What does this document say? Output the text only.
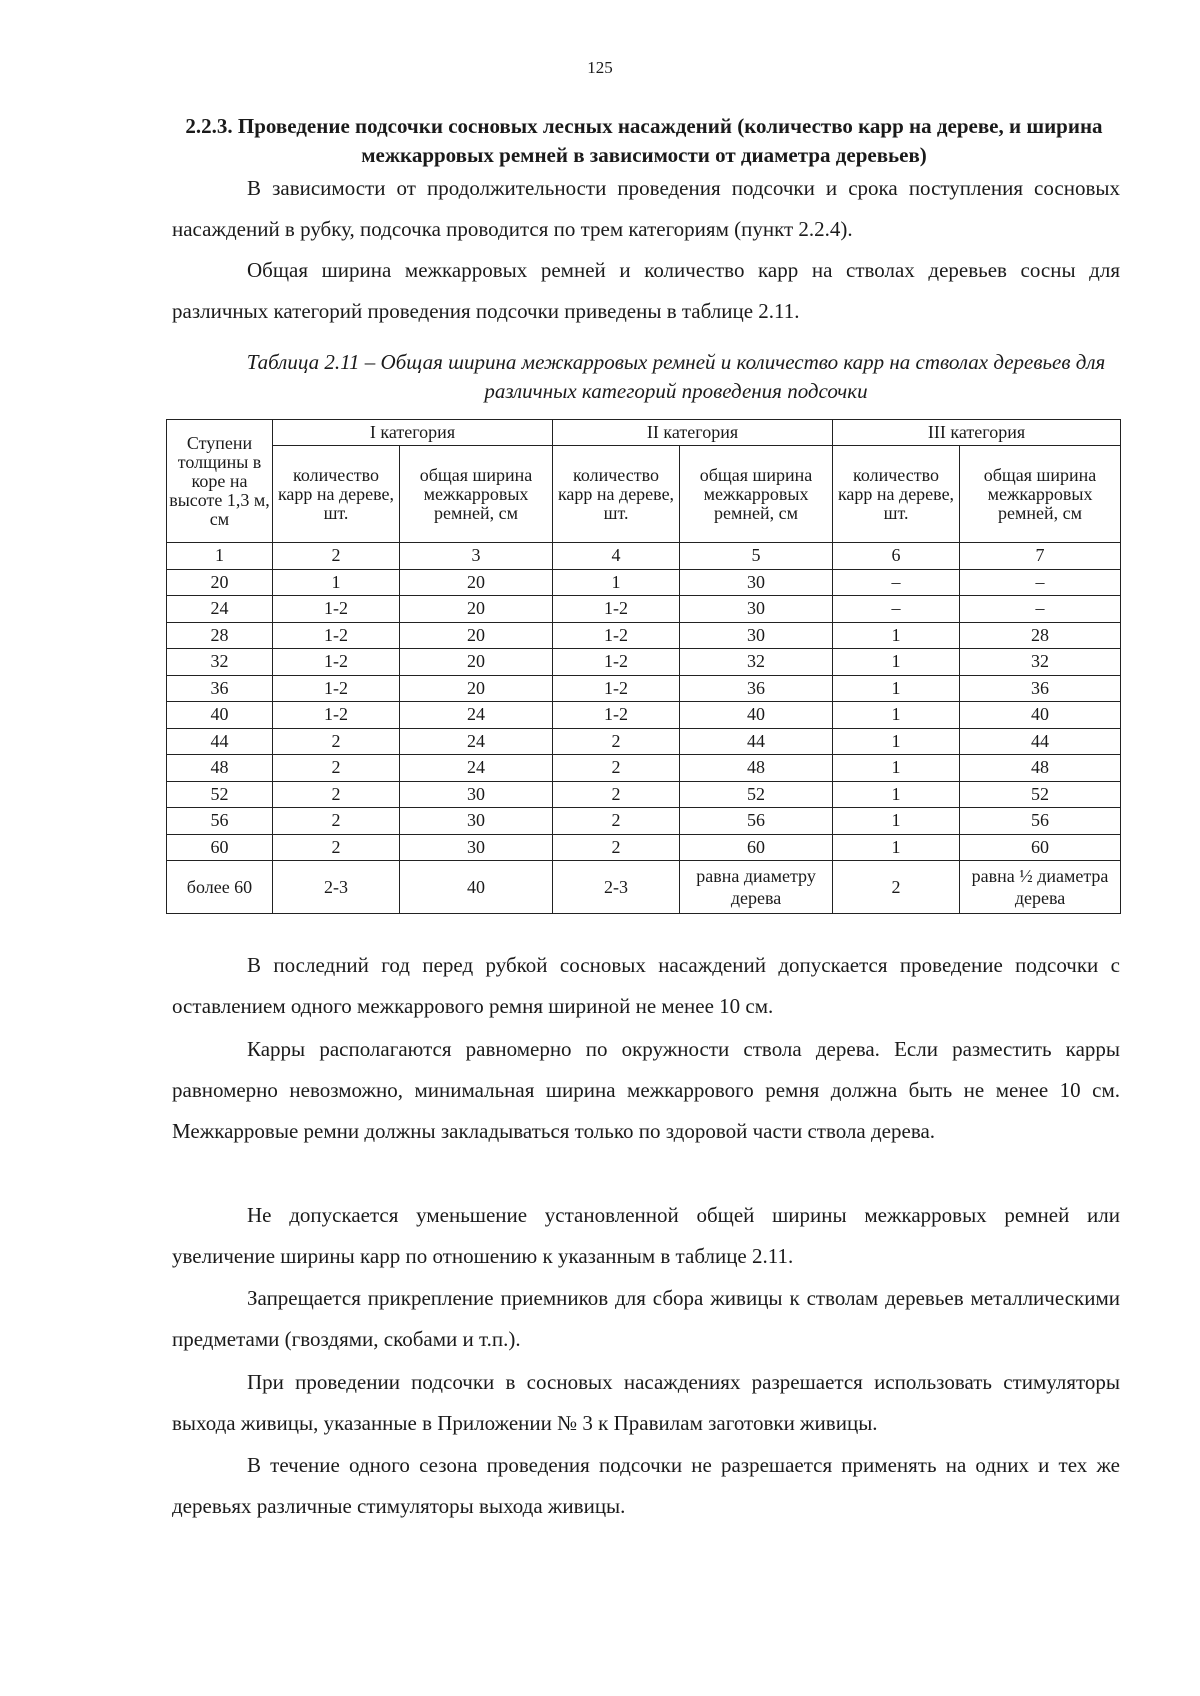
125
2.2.3. Проведение подсочки сосновых лесных насаждений (количество карр на дереве, и ширина межкарровых ремней в зависимости от диаметра деревьев)

В зависимости от продолжительности проведения подсочки и срока поступления сосновых насаждений в рубку, подсочка проводится по трем категориям (пункт 2.2.4).

Общая ширина межкарровых ремней и количество карр на стволах деревьев сосны для различных категорий проведения подсочки приведены в таблице 2.11.

Таблица 2.11 – Общая ширина межкарровых ремней и количество карр на стволах деревьев для различных категорий проведения подсочки
Ступени толщины в коре на высоте 1,3 м, см	I категория		II категория		III категория	
	количество карр на дереве, шт.	общая ширина межкарровых ремней, см	количество карр на дереве, шт.	общая ширина межкарровых ремней, см	количество карр на дереве, шт.	общая ширина межкарровых ремней, см
1	2	3	4	5	6	7
20	1	20	1	30	–	–
24	1-2	20	1-2	30	–	–
28	1-2	20	1-2	30	1	28
32	1-2	20	1-2	32	1	32
36	1-2	20	1-2	36	1	36
40	1-2	24	1-2	40	1	40
44	2	24	2	44	1	44
48	2	24	2	48	1	48
52	2	30	2	52	1	52
56	2	30	2	56	1	56
60	2	30	2	60	1	60
более 60	2-3	40	2-3	равна диаметру дерева	2	равна ½ диаметра дерева

В последний год перед рубкой сосновых насаждений допускается проведение подсочки с оставлением одного межкаррового ремня шириной не менее 10 см.

Карры располагаются равномерно по окружности ствола дерева. Если разместить карры равномерно невозможно, минимальная ширина межкаррового ремня должна быть не менее 10 см. Межкарровые ремни должны закладываться только по здоровой части ствола дерева.

Не допускается уменьшение установленной общей ширины межкарровых ремней или увеличение ширины карр по отношению к указанным в таблице 2.11.

Запрещается прикрепление приемников для сбора живицы к стволам деревьев металлическими предметами (гвоздями, скобами и т.п.).

При проведении подсочки в сосновых насаждениях разрешается использовать стимуляторы выхода живицы, указанные в Приложении № 3 к Правилам заготовки живицы.

В течение одного сезона проведения подсочки не разрешается применять на одних и тех же деревьях различные стимуляторы выхода живицы.
